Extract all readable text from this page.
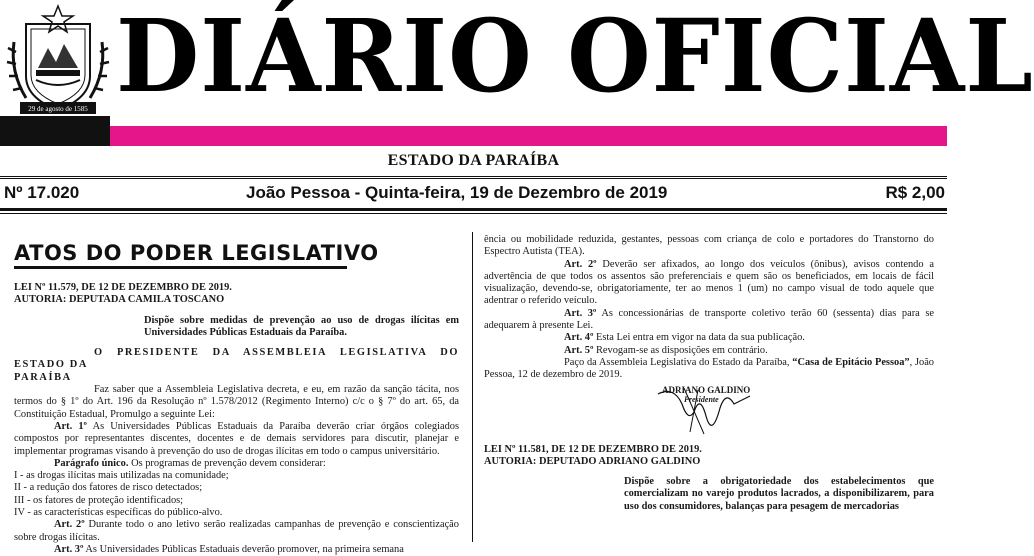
29 de agosto de 1585 DIÁRIO OFICIAL
ESTADO DA PARAÍBA
Nº 17.020	João Pessoa - Quinta-feira, 19 de Dezembro de 2019	R$ 2,00
ATOS DO PODER LEGISLATIVO

LEI Nº 11.579, DE 12 DE DEZEMBRO DE 2019.

AUTORIA: DEPUTADA CAMILA TOSCANO

Dispõe sobre medidas de prevenção ao uso de drogas ilícitas em Universidades Públicas Estaduais da Paraíba.

O PRESIDENTE DA ASSEMBLEIA LEGISLATIVA DO ESTADO DA

PARAÍBA

Faz saber que a Assembleia Legislativa decreta, e eu, em razão da sanção tácita, nos termos do § 1º do Art. 196 da Resolução nº 1.578/2012 (Regimento Interno) c/c o § 7º do art. 65, da Constituição Estadual, Promulgo a seguinte Lei:

Art. 1º As Universidades Públicas Estaduais da Paraíba deverão criar órgãos colegiados compostos por representantes discentes, docentes e de demais servidores para discutir, planejar e implementar programas visando à prevenção do uso de drogas ilícitas em todo o campus universitário.

Parágrafo único. Os programas de prevenção devem considerar:

I - as drogas ilícitas mais utilizadas na comunidade;

II - a redução dos fatores de risco detectados;

III - os fatores de proteção identificados;

IV - as características específicas do público-alvo.

Art. 2º Durante todo o ano letivo serão realizadas campanhas de prevenção e conscientização sobre drogas ilícitas.

Art. 3º As Universidades Públicas Estaduais deverão promover, na primeira semana

ência ou mobilidade reduzida, gestantes, pessoas com criança de colo e portadores do Transtorno do Espectro Autista (TEA).

Art. 2º Deverão ser afixados, ao longo dos veículos (ônibus), avisos contendo a advertência de que todos os assentos são preferenciais e quem são os beneficiados, em locais de fácil visualização, devendo-se, obrigatoriamente, ter ao menos 1 (um) no campo visual de todo aquele que adentrar o referido veículo.

Art. 3º As concessionárias de transporte coletivo terão 60 (sessenta) dias para se adequarem à presente Lei.

Art. 4º Esta Lei entra em vigor na data da sua publicação.

Art. 5º Revogam-se as disposições em contrário.

Paço da Assembleia Legislativa do Estado da Paraíba, “Casa de Epitácio Pessoa”, João Pessoa, 12 de dezembro de 2019.

ADRIANO GALDINO
Presidente

LEI Nº 11.581, DE 12 DE DEZEMBRO DE 2019.

AUTORIA: DEPUTADO ADRIANO GALDINO

Dispõe sobre a obrigatoriedade dos estabelecimentos que comercializam no varejo produtos lacrados, a disponibilizarem, para uso dos consumidores, balanças para pesagem de mercadorias
